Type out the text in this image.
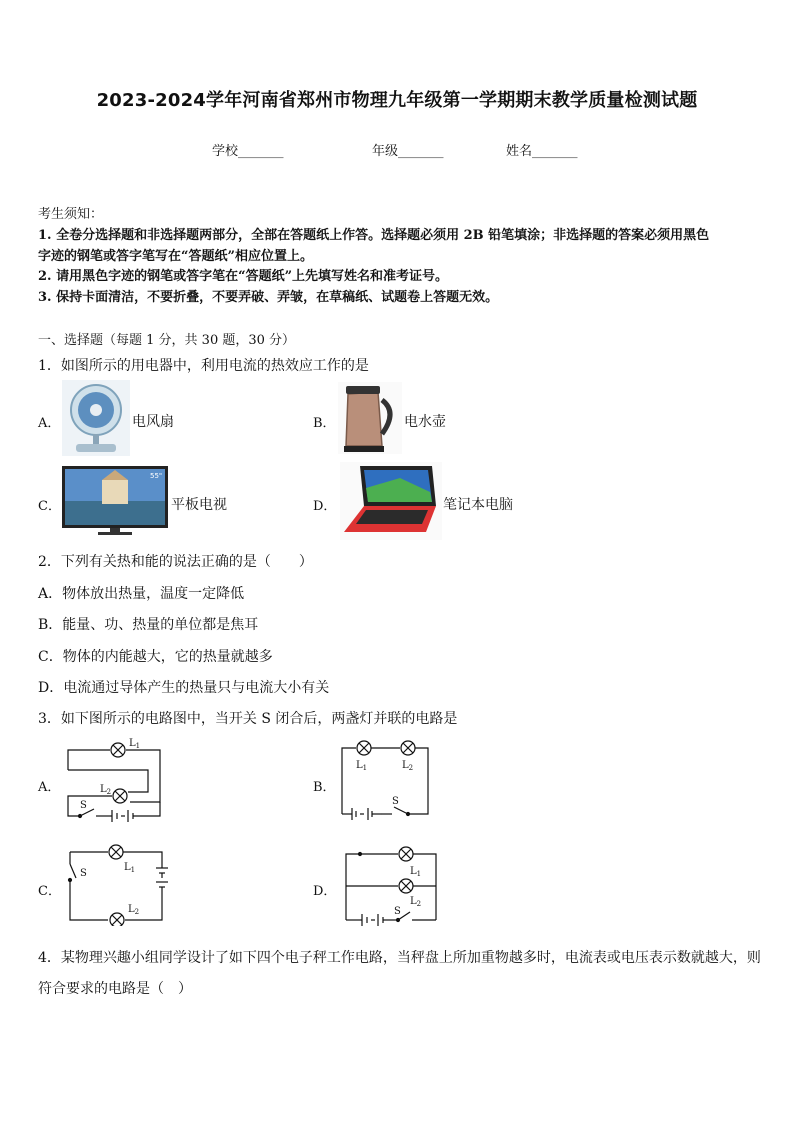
2023-2024学年河南省郑州市物理九年级第一学期期末教学质量检测试题
学校_______	年级_______	姓名_______
考生须知：
1. 全卷分选择题和非选择题两部分，全部在答题纸上作答。选择题必须用 2B 铅笔填涂；非选择题的答案必须用黑色
字迹的钢笔或答字笔写在“答题纸”相应位置上。
2. 请用黑色字迹的钢笔或答字笔在“答题纸”上先填写姓名和准考证号。
3. 保持卡面清洁，不要折叠，不要弄破、弄皱，在草稿纸、试题卷上答题无效。
一、选择题（每题 1 分，共 30 题，30 分）
1．如图所示的用电器中，利用电流的热效应工作的是
A．	电风扇	B．	电水壶
C．
55"
平板电视	D．	笔记本电脑
2．下列有关热和能的说法正确的是（　　）
A．物体放出热量，温度一定降低
B．能量、功、热量的单位都是焦耳
C．物体的内能越大，它的热量就越多
D．电流通过导体产生的热量只与电流大小有关
3．如下图所示的电路图中，当开关 S 闭合后，两盏灯并联的电路是
A．	B．
C．	D．
$L_1$
$L_2$
S
$L_1$	$L_2$
S
S
$L_1$
$L_2$
$L_1$
$L_2$
S
4．某物理兴趣小组同学设计了如下四个电子秤工作电路，当秤盘上所加重物越多时，电流表或电压表示数就越大，则
符合要求的电路是（　）
